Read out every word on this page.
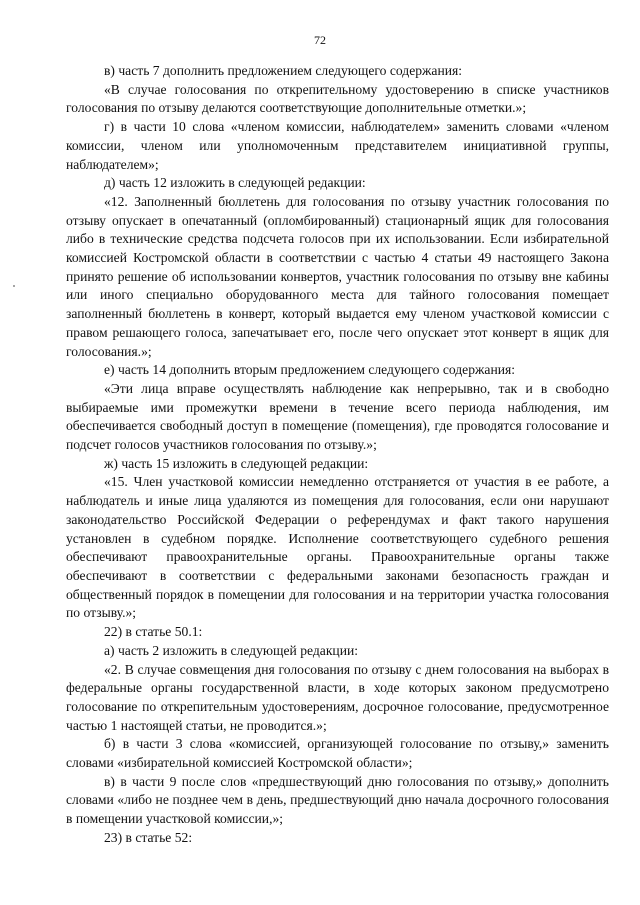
72

в) часть 7 дополнить предложением следующего содержания:

«В случае голосования по открепительному удостоверению в списке участников голосования по отзыву делаются соответствующие дополнительные отметки.»;

г) в части 10 слова «членом комиссии, наблюдателем» заменить словами «членом комиссии, членом или уполномоченным представителем инициативной группы, наблюдателем»;

д) часть 12 изложить в следующей редакции:

«12. Заполненный бюллетень для голосования по отзыву участник голосования по отзыву опускает в опечатанный (опломбированный) стационарный ящик для голосования либо в технические средства подсчета голосов при их использовании. Если избирательной комиссией Костромской области в соответствии с частью 4 статьи 49 настоящего Закона принято решение об использовании конвертов, участник голосования по отзыву вне кабины или иного специально оборудованного места для тайного голосования помещает заполненный бюллетень в конверт, который выдается ему членом участковой комиссии с правом решающего голоса, запечатывает его, после чего опускает этот конверт в ящик для голосования.»;

е) часть 14 дополнить вторым предложением следующего содержания:

«Эти лица вправе осуществлять наблюдение как непрерывно, так и в свободно выбираемые ими промежутки времени в течение всего периода наблюдения, им обеспечивается свободный доступ в помещение (помещения), где проводятся голосование и подсчет голосов участников голосования по отзыву.»;

ж) часть 15 изложить в следующей редакции:

«15. Член участковой комиссии немедленно отстраняется от участия в ее работе, а наблюдатель и иные лица удаляются из помещения для голосования, если они нарушают законодательство Российской Федерации о референдумах и факт такого нарушения установлен в судебном порядке. Исполнение соответствующего судебного решения обеспечивают правоохранительные органы. Правоохранительные органы также обеспечивают в соответствии с федеральными законами безопасность граждан и общественный порядок в помещении для голосования и на территории участка голосования по отзыву.»;

22) в статье 50.1:

а) часть 2 изложить в следующей редакции:

«2. В случае совмещения дня голосования по отзыву с днем голосования на выборах в федеральные органы государственной власти, в ходе которых законом предусмотрено голосование по открепительным удостоверениям, досрочное голосование, предусмотренное частью 1 настоящей статьи, не проводится.»;

б) в части 3 слова «комиссией, организующей голосование по отзыву,» заменить словами «избирательной комиссией Костромской области»;

в) в части 9 после слов «предшествующий дню голосования по отзыву,» дополнить словами «либо не позднее чем в день, предшествующий дню начала досрочного голосования в помещении участковой комиссии,»;

23) в статье 52:
